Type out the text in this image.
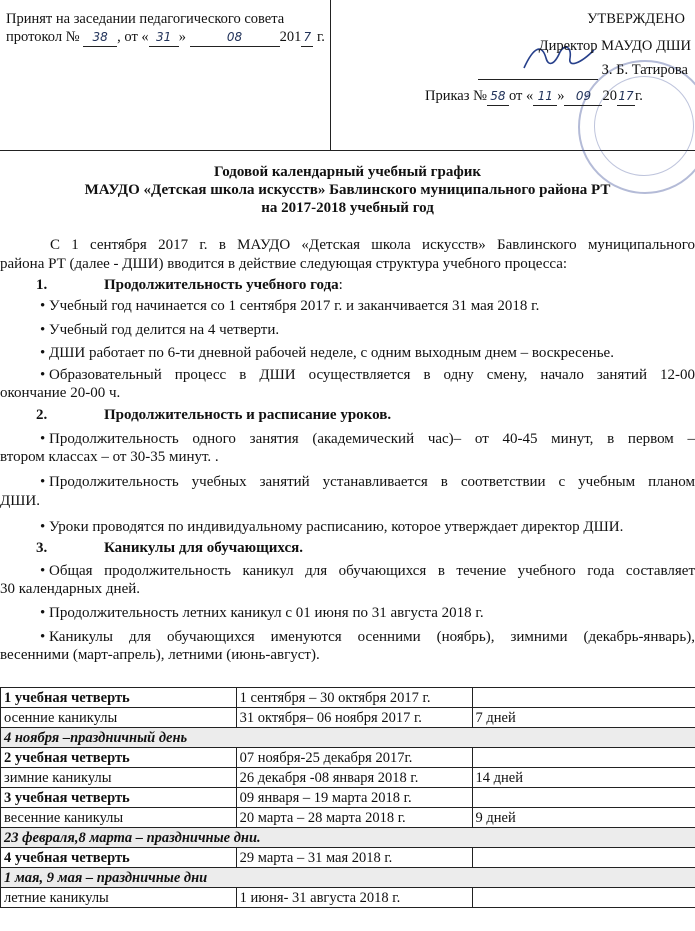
Принят на заседании педагогического совета
протокол № 38 , от « 31 »	08	201 7 г.
УТВЕРЖДЕНО
Директор МАУДО ДШИ
З. Б. Татирова
Приказ № 58 от « 11 » 09 2017г.
Годовой календарный учебный график
МАУДО «Детская школа искусств» Бавлинского муниципального района РТ
на 2017-2018 учебный год
С 1 сентября 2017 г. в МАУДО «Детская школа искусств» Бавлинского муниципального
района РТ (далее - ДШИ) вводится в действие следующая структура учебного процесса:
1.	Продолжительность учебного года:
• Учебный год начинается со 1 сентября 2017 г. и заканчивается 31 мая 2018 г.
• Учебный год делится на 4 четверти.
• ДШИ работает по 6-ти дневной рабочей неделе, с одним выходным днем – воскресенье.
• Образовательный процесс в ДШИ осуществляется в одну смену, начало занятий 12-00
окончание 20-00 ч.
2.	Продолжительность и расписание уроков.
• Продолжительность одного занятия (академический час)– от 40-45 минут, в первом –
втором классах – от 30-35 минут. .
• Продолжительность учебных занятий устанавливается в соответствии с учебным планом
ДШИ.
• Уроки проводятся по индивидуальному расписанию, которое утверждает директор ДШИ.
3.	Каникулы для обучающихся.
• Общая продолжительность каникул для обучающихся в течение учебного года составляет
30 календарных дней.
• Продолжительность летних каникул с 01 июня по 31 августа 2018 г.
• Каникулы для обучающихся именуются осенними (ноябрь), зимними (декабрь-январь),
весенними (март-апрель), летними (июнь-август).
1 учебная четверть	1 сентября – 30 октября 2017 г.	
осенние каникулы	31 октября– 06 ноября 2017 г.	7 дней
4 ноября –праздничный день		
2 учебная четверть	07 ноября-25 декабря 2017г.	
зимние каникулы	26 декабря -08 января 2018 г.	14 дней
3 учебная четверть	09 января – 19 марта 2018 г.	
весенние каникулы	20 марта – 28 марта 2018 г.	9 дней
23 февраля,8 марта – праздничные дни.		
4 учебная четверть	29 марта – 31 мая 2018 г.	
1 мая, 9 мая – праздничные дни		
летние каникулы	1 июня- 31 августа 2018 г.	
